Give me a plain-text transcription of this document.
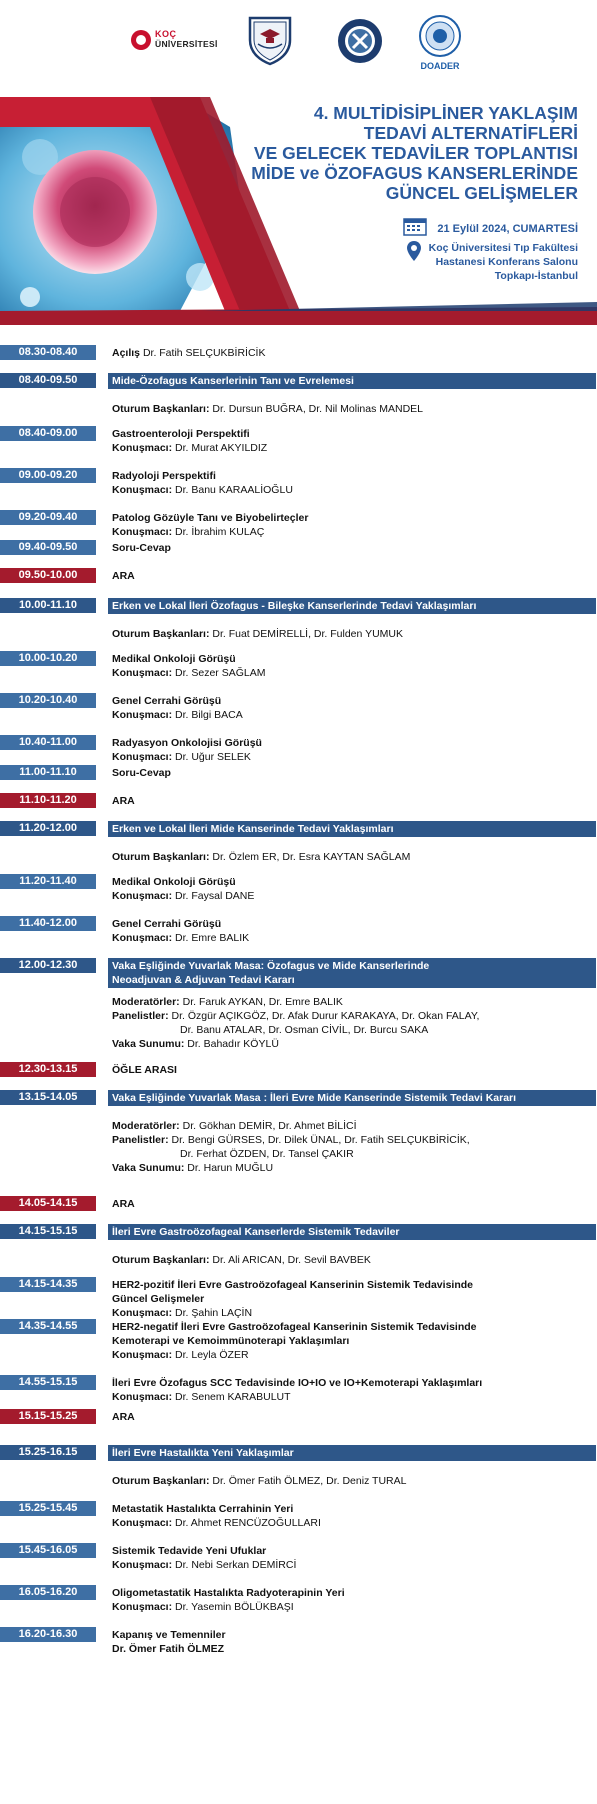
KOÇ
ÜNİVERSİTESİ
DOADER
4. MULTİDİSİPLİNER YAKLAŞIM
TEDAVİ ALTERNATİFLERİ
VE GELECEK TEDAVİLER TOPLANTISI
MİDE ve ÖZOFAGUS KANSERLERİNDE
GÜNCEL GELİŞMELER
21 Eylül 2024, CUMARTESİ
Koç Üniversitesi Tıp Fakültesi
Hastanesi Konferans Salonu
Topkapı-İstanbul
08.30-08.40	Açılış Dr. Fatih SELÇUKBİRİCİK
08.40-09.50	Mide-Özofagus Kanserlerinin Tanı ve Evrelemesi
Oturum Başkanları: Dr. Dursun BUĞRA, Dr. Nil Molinas MANDEL
08.40-09.00	Gastroenteroloji Perspektifi
Konuşmacı: Dr. Murat AKYILDIZ
09.00-09.20	Radyoloji Perspektifi
Konuşmacı: Dr. Banu KARAALİOĞLU
09.20-09.40	Patolog Gözüyle Tanı ve Biyobelirteçler
Konuşmacı: Dr. İbrahim KULAÇ
09.40-09.50	Soru-Cevap
09.50-10.00	ARA
10.00-11.10	Erken ve Lokal İleri Özofagus - Bileşke Kanserlerinde Tedavi Yaklaşımları
Oturum Başkanları: Dr. Fuat DEMİRELLİ, Dr. Fulden YUMUK
10.00-10.20	Medikal Onkoloji Görüşü
Konuşmacı: Dr. Sezer SAĞLAM
10.20-10.40	Genel Cerrahi Görüşü
Konuşmacı: Dr. Bilgi BACA
10.40-11.00	Radyasyon Onkolojisi Görüşü
Konuşmacı: Dr. Uğur SELEK
11.00-11.10	Soru-Cevap
11.10-11.20	ARA
11.20-12.00	Erken ve Lokal İleri Mide Kanserinde Tedavi Yaklaşımları
Oturum Başkanları: Dr. Özlem ER, Dr. Esra KAYTAN SAĞLAM
11.20-11.40	Medikal Onkoloji Görüşü
Konuşmacı: Dr. Faysal DANE
11.40-12.00	Genel Cerrahi Görüşü
Konuşmacı: Dr. Emre BALIK
12.00-12.30	Vaka Eşliğinde Yuvarlak Masa: Özofagus ve Mide Kanserlerinde
Neoadjuvan & Adjuvan Tedavi Kararı
Moderatörler: Dr. Faruk AYKAN, Dr. Emre BALIK
Panelistler: Dr. Özgür AÇIKGÖZ, Dr. Afak Durur KARAKAYA, Dr. Okan FALAY,
Dr. Banu ATALAR, Dr. Osman CİVİL, Dr. Burcu SAKA
Vaka Sunumu: Dr. Bahadır KÖYLÜ
12.30-13.15	ÖĞLE ARASI
13.15-14.05	Vaka Eşliğinde Yuvarlak Masa : İleri Evre Mide Kanserinde Sistemik Tedavi Kararı
Moderatörler: Dr. Gökhan DEMİR, Dr. Ahmet BİLİCİ
Panelistler: Dr. Bengi GÜRSES, Dr. Dilek ÜNAL, Dr. Fatih SELÇUKBİRİCİK,
Dr. Ferhat ÖZDEN, Dr. Tansel ÇAKIR
Vaka Sunumu: Dr. Harun MUĞLU
14.05-14.15	ARA
14.15-15.15	İleri Evre Gastroözofageal Kanserlerde Sistemik Tedaviler
Oturum Başkanları: Dr. Ali ARICAN, Dr. Sevil BAVBEK
14.15-14.35	HER2-pozitif İleri Evre Gastroözofageal Kanserinin Sistemik Tedavisinde
Güncel Gelişmeler
Konuşmacı: Dr. Şahin LAÇİN
14.35-14.55	HER2-negatif İleri Evre Gastroözofageal Kanserinin Sistemik Tedavisinde
Kemoterapi ve Kemoimmünoterapi Yaklaşımları
Konuşmacı: Dr. Leyla ÖZER
14.55-15.15	İleri Evre Özofagus SCC Tedavisinde IO+IO ve IO+Kemoterapi Yaklaşımları
Konuşmacı: Dr. Senem KARABULUT
15.15-15.25	ARA
15.25-16.15	İleri Evre Hastalıkta Yeni Yaklaşımlar
Oturum Başkanları: Dr. Ömer Fatih ÖLMEZ, Dr. Deniz TURAL
15.25-15.45	Metastatik Hastalıkta Cerrahinin Yeri
Konuşmacı: Dr. Ahmet RENCÜZOĞULLARI
15.45-16.05	Sistemik Tedavide Yeni Ufuklar
Konuşmacı: Dr. Nebi Serkan DEMİRCİ
16.05-16.20	Oligometastatik Hastalıkta Radyoterapinin Yeri
Konuşmacı: Dr. Yasemin BÖLÜKBAŞI
16.20-16.30	Kapanış ve Temenniler
Dr. Ömer Fatih ÖLMEZ
